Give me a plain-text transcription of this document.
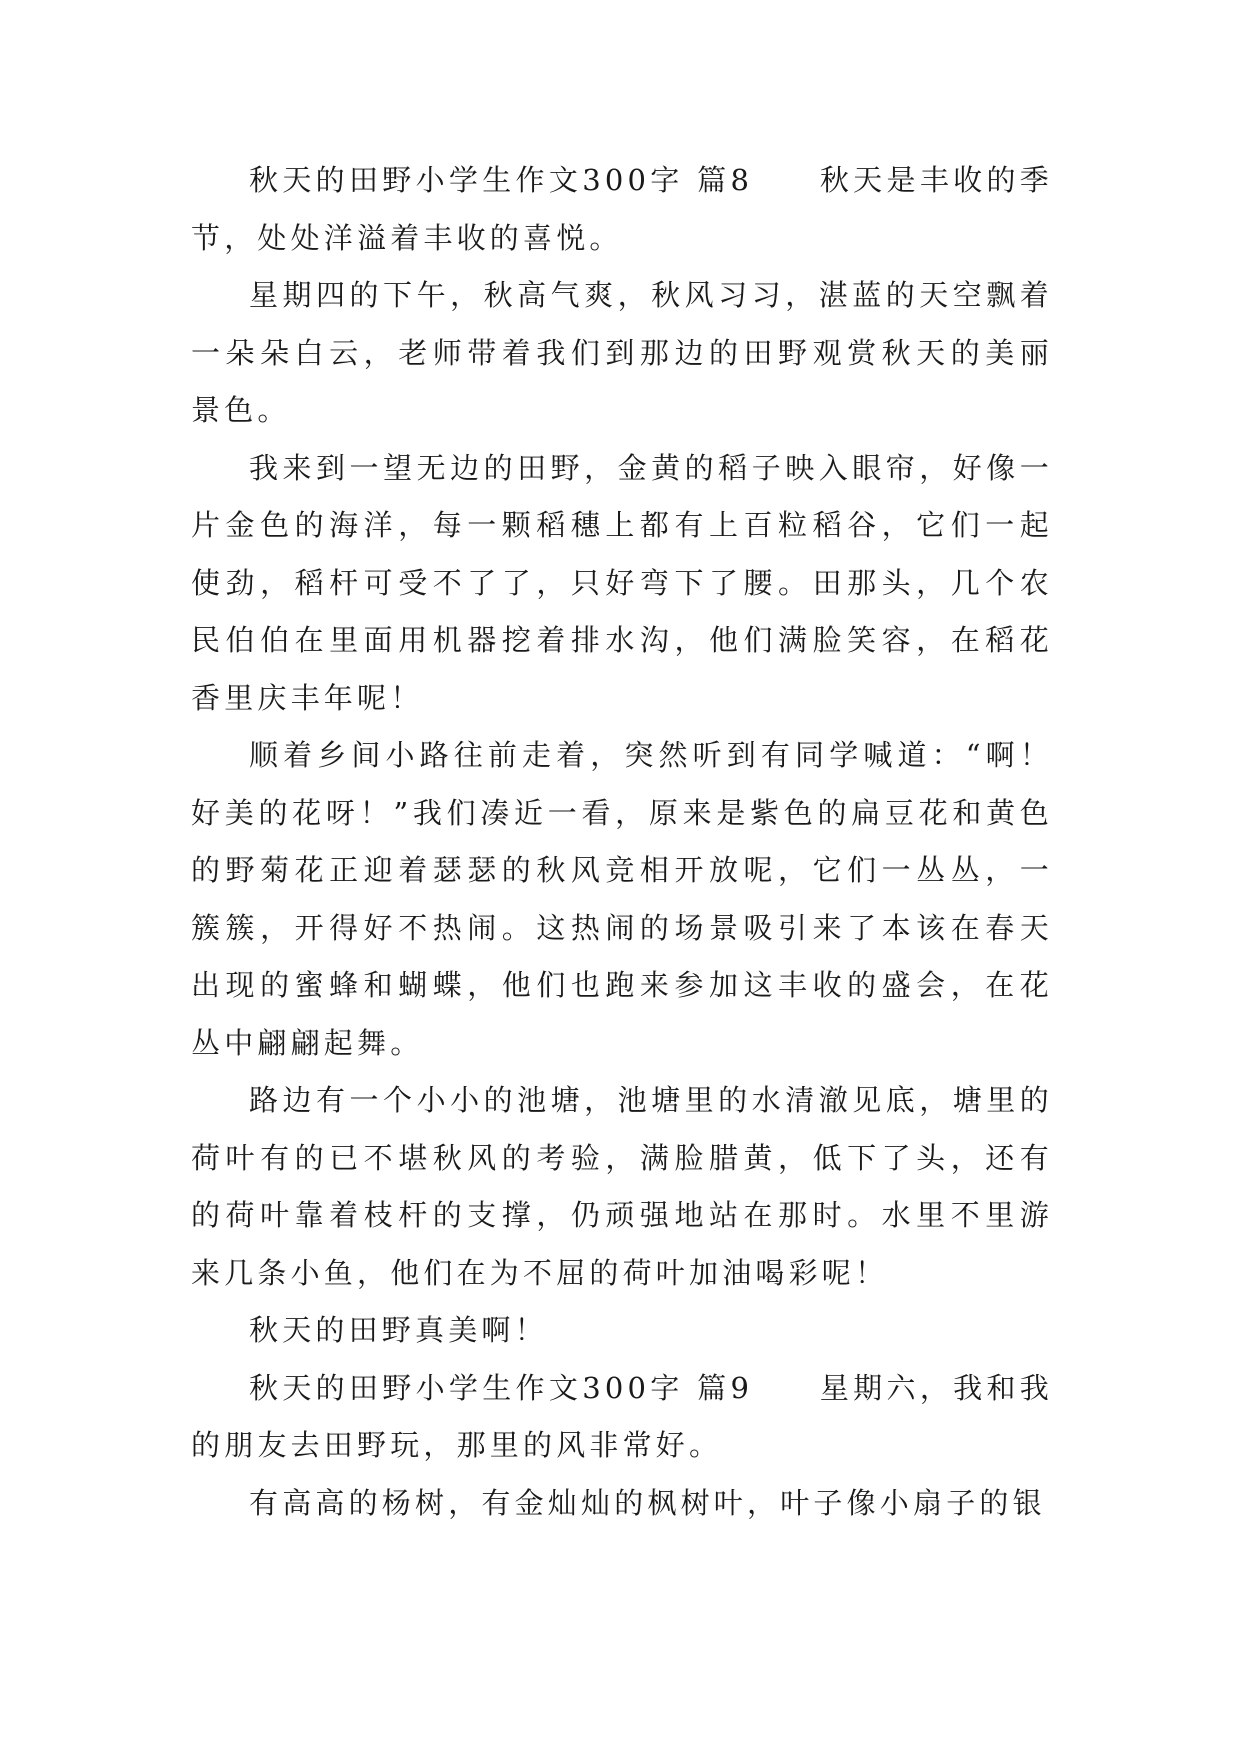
秋天的田野小学生作文300字 篇8　　秋天是丰收的季节，处处洋溢着丰收的喜悦。

星期四的下午，秋高气爽，秋风习习，湛蓝的天空飘着一朵朵白云，老师带着我们到那边的田野观赏秋天的美丽景色。

我来到一望无边的田野，金黄的稻子映入眼帘，好像一片金色的海洋，每一颗稻穗上都有上百粒稻谷，它们一起使劲，稻杆可受不了了，只好弯下了腰。田那头，几个农民伯伯在里面用机器挖着排水沟，他们满脸笑容，在稻花香里庆丰年呢！

顺着乡间小路往前走着，突然听到有同学喊道：“啊！好美的花呀！”我们凑近一看，原来是紫色的扁豆花和黄色的野菊花正迎着瑟瑟的秋风竞相开放呢，它们一丛丛，一簇簇，开得好不热闹。这热闹的场景吸引来了本该在春天出现的蜜蜂和蝴蝶，他们也跑来参加这丰收的盛会，在花丛中翩翩起舞。

路边有一个小小的池塘，池塘里的水清澈见底，塘里的荷叶有的已不堪秋风的考验，满脸腊黄，低下了头，还有的荷叶靠着枝杆的支撑，仍顽强地站在那时。水里不里游来几条小鱼，他们在为不屈的荷叶加油喝彩呢！

秋天的田野真美啊！

秋天的田野小学生作文300字 篇9　　星期六，我和我的朋友去田野玩，那里的风非常好。

有高高的杨树，有金灿灿的枫树叶，叶子像小扇子的银
